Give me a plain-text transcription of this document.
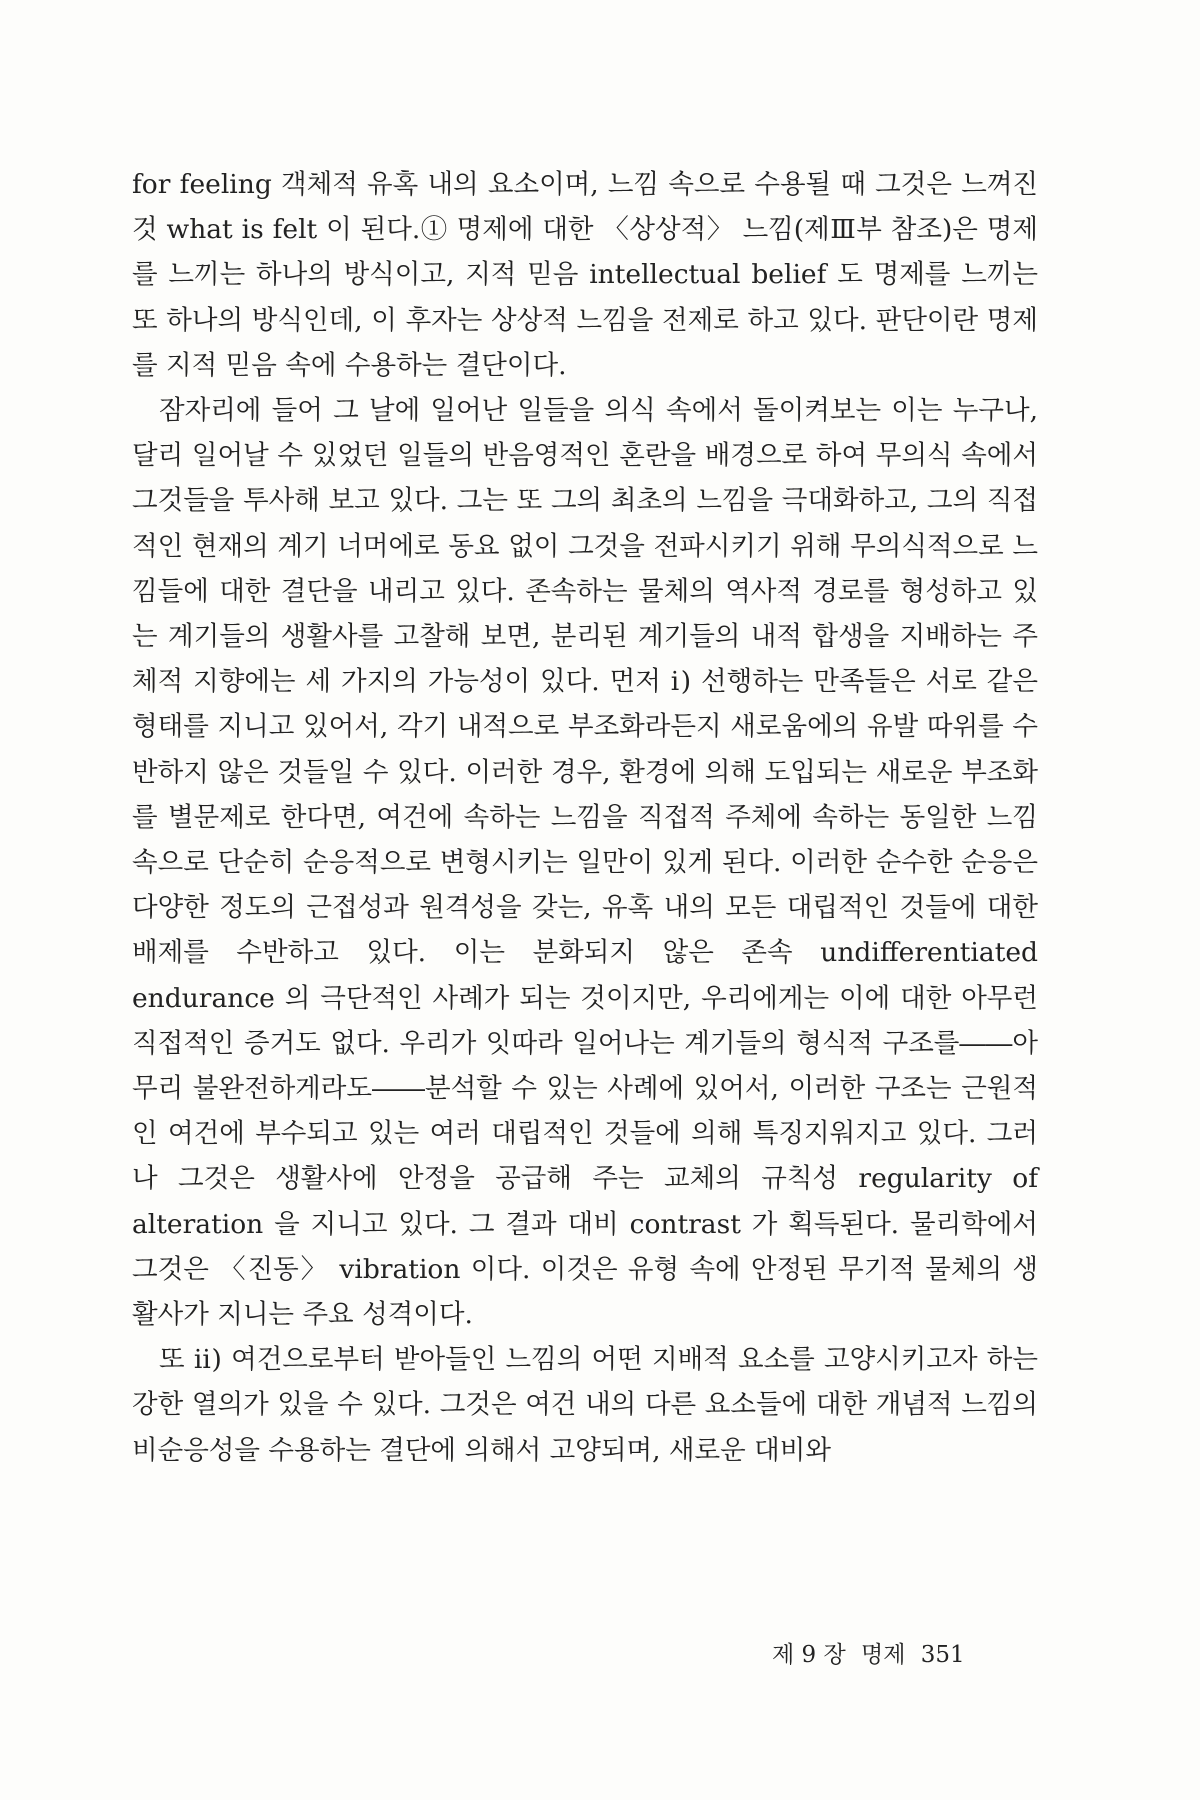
for feeling 객체적 유혹 내의 요소이며, 느낌 속으로 수용될 때 그것은 느껴진 것 what is felt 이 된다.① 명제에 대한 〈상상적〉 느낌(제Ⅲ부 참조)은 명제를 느끼는 하나의 방식이고, 지적 믿음 intellectual belief 도 명제를 느끼는 또 하나의 방식인데, 이 후자는 상상적 느낌을 전제로 하고 있다. 판단이란 명제를 지적 믿음 속에 수용하는 결단이다.

잠자리에 들어 그 날에 일어난 일들을 의식 속에서 돌이켜보는 이는 누구나, 달리 일어날 수 있었던 일들의 반음영적인 혼란을 배경으로 하여 무의식 속에서 그것들을 투사해 보고 있다. 그는 또 그의 최초의 느낌을 극대화하고, 그의 직접적인 현재의 계기 너머에로 동요 없이 그것을 전파시키기 위해 무의식적으로 느낌들에 대한 결단을 내리고 있다. 존속하는 물체의 역사적 경로를 형성하고 있는 계기들의 생활사를 고찰해 보면, 분리된 계기들의 내적 합생을 지배하는 주체적 지향에는 세 가지의 가능성이 있다. 먼저 ⅰ) 선행하는 만족들은 서로 같은 형태를 지니고 있어서, 각기 내적으로 부조화라든지 새로움에의 유발 따위를 수반하지 않은 것들일 수 있다. 이러한 경우, 환경에 의해 도입되는 새로운 부조화를 별문제로 한다면, 여건에 속하는 느낌을 직접적 주체에 속하는 동일한 느낌 속으로 단순히 순응적으로 변형시키는 일만이 있게 된다. 이러한 순수한 순응은 다양한 정도의 근접성과 원격성을 갖는, 유혹 내의 모든 대립적인 것들에 대한 배제를 수반하고 있다. 이는 분화되지 않은 존속 undifferentiated endurance 의 극단적인 사례가 되는 것이지만, 우리에게는 이에 대한 아무런 직접적인 증거도 없다. 우리가 잇따라 일어나는 계기들의 형식적 구조를――아무리 불완전하게라도――분석할 수 있는 사례에 있어서, 이러한 구조는 근원적인 여건에 부수되고 있는 여러 대립적인 것들에 의해 특징지워지고 있다. 그러나 그것은 생활사에 안정을 공급해 주는 교체의 규칙성 regularity of alteration 을 지니고 있다. 그 결과 대비 contrast 가 획득된다. 물리학에서 그것은 〈진동〉 vibration 이다. 이것은 유형 속에 안정된 무기적 물체의 생활사가 지니는 주요 성격이다.

또 ⅱ) 여건으로부터 받아들인 느낌의 어떤 지배적 요소를 고양시키고자 하는 강한 열의가 있을 수 있다. 그것은 여건 내의 다른 요소들에 대한 개념적 느낌의 비순응성을 수용하는 결단에 의해서 고양되며, 새로운 대비와

제 9 장 명제 351
